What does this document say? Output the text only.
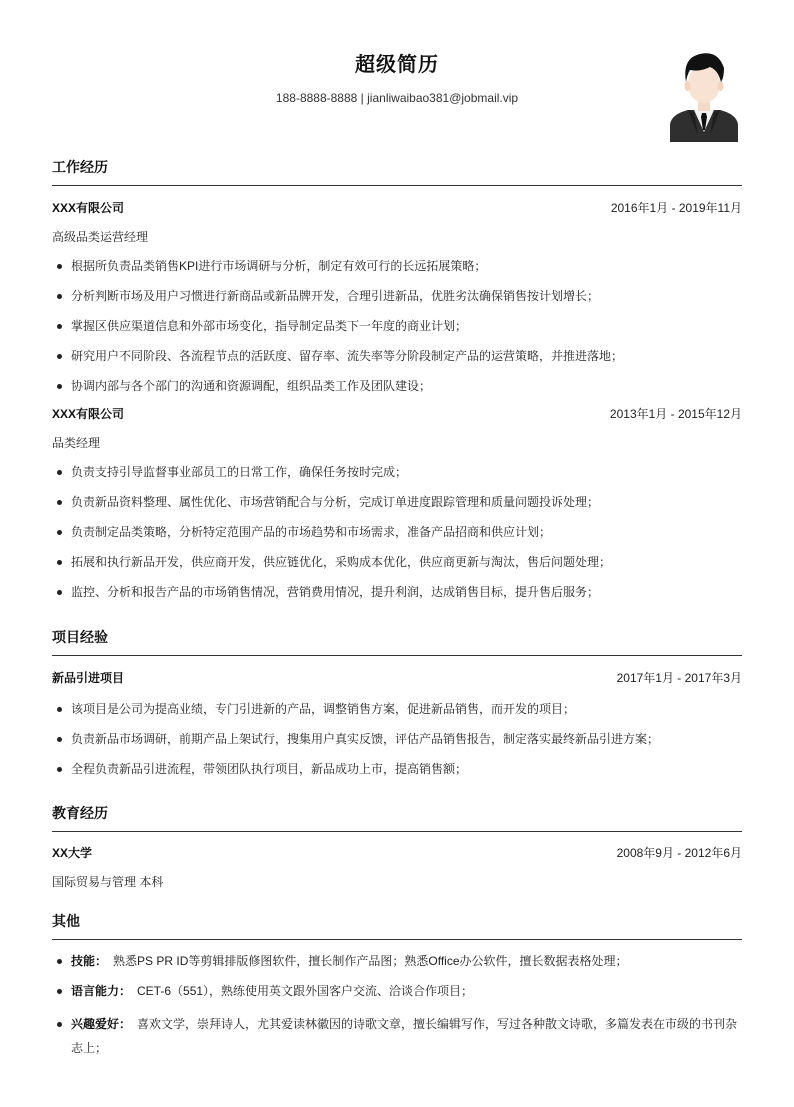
超级简历
188-8888-8888 | jianliwaibao381@jobmail.vip
工作经历
XXX有限公司	2016年1月 - 2019年11月
高级品类运营经理
根据所负责品类销售KPI进行市场调研与分析，制定有效可行的长远拓展策略；
分析判断市场及用户习惯进行新商品或新品牌开发，合理引进新品，优胜劣汰确保销售按计划增长；
掌握区供应渠道信息和外部市场变化，指导制定品类下一年度的商业计划；
研究用户不同阶段、各流程节点的活跃度、留存率、流失率等分阶段制定产品的运营策略，并推进落地；
协调内部与各个部门的沟通和资源调配，组织品类工作及团队建设；
XXX有限公司	2013年1月 - 2015年12月
品类经理
负责支持引导监督事业部员工的日常工作，确保任务按时完成；
负责新品资料整理、属性优化、市场营销配合与分析，完成订单进度跟踪管理和质量问题投诉处理；
负责制定品类策略，分析特定范围产品的市场趋势和市场需求，准备产品招商和供应计划；
拓展和执行新品开发，供应商开发，供应链优化，采购成本优化，供应商更新与淘汰，售后问题处理；
监控、分析和报告产品的市场销售情况，营销费用情况，提升利润，达成销售目标，提升售后服务；
项目经验
新品引进项目	2017年1月 - 2017年3月
该项目是公司为提高业绩，专门引进新的产品，调整销售方案，促进新品销售，而开发的项目；
负责新品市场调研，前期产品上架试行，搜集用户真实反馈，评估产品销售报告，制定落实最终新品引进方案；
全程负责新品引进流程，带领团队执行项目，新品成功上市，提高销售额；
教育经历
XX大学	2008年9月 - 2012年6月
国际贸易与管理 本科
其他
技能： 熟悉PS PR ID等剪辑排版修图软件，擅长制作产品图；熟悉Office办公软件，擅长数据表格处理；
语言能力： CET-6（551），熟练使用英文跟外国客户交流、洽谈合作项目；
兴趣爱好： 喜欢文学，崇拜诗人，尤其爱读林徽因的诗歌文章，擅长编辑写作，写过各种散文诗歌，多篇发表在市级的书刊杂志上；
